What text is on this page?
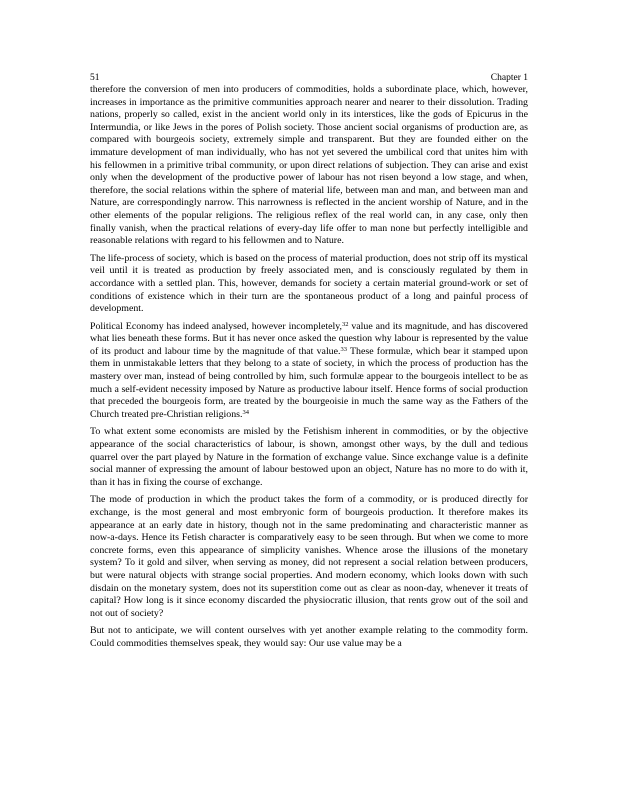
51	Chapter 1

therefore the conversion of men into producers of commodities, holds a subordinate place, which, however, increases in importance as the primitive communities approach nearer and nearer to their dissolution. Trading nations, properly so called, exist in the ancient world only in its interstices, like the gods of Epicurus in the Intermundia, or like Jews in the pores of Polish society. Those ancient social organisms of production are, as compared with bourgeois society, extremely simple and transparent. But they are founded either on the immature development of man individually, who has not yet severed the umbilical cord that unites him with his fellowmen in a primitive tribal community, or upon direct relations of subjection. They can arise and exist only when the development of the productive power of labour has not risen beyond a low stage, and when, therefore, the social relations within the sphere of material life, between man and man, and between man and Nature, are correspondingly narrow. This narrowness is reflected in the ancient worship of Nature, and in the other elements of the popular religions. The religious reflex of the real world can, in any case, only then finally vanish, when the practical relations of every-day life offer to man none but perfectly intelligible and reasonable relations with regard to his fellowmen and to Nature.

The life-process of society, which is based on the process of material production, does not strip off its mystical veil until it is treated as production by freely associated men, and is consciously regulated by them in accordance with a settled plan. This, however, demands for society a certain material ground-work or set of conditions of existence which in their turn are the spontaneous product of a long and painful process of development.

Political Economy has indeed analysed, however incompletely,$^{32}$ value and its magnitude, and has discovered what lies beneath these forms. But it has never once asked the question why labour is represented by the value of its product and labour time by the magnitude of that value.$^{33}$ These formulæ, which bear it stamped upon them in unmistakable letters that they belong to a state of society, in which the process of production has the mastery over man, instead of being controlled by him, such formulæ appear to the bourgeois intellect to be as much a self-evident necessity imposed by Nature as productive labour itself. Hence forms of social production that preceded the bourgeois form, are treated by the bourgeoisie in much the same way as the Fathers of the Church treated pre-Christian religions.$^{34}$

To what extent some economists are misled by the Fetishism inherent in commodities, or by the objective appearance of the social characteristics of labour, is shown, amongst other ways, by the dull and tedious quarrel over the part played by Nature in the formation of exchange value. Since exchange value is a definite social manner of expressing the amount of labour bestowed upon an object, Nature has no more to do with it, than it has in fixing the course of exchange.

The mode of production in which the product takes the form of a commodity, or is produced directly for exchange, is the most general and most embryonic form of bourgeois production. It therefore makes its appearance at an early date in history, though not in the same predominating and characteristic manner as now-a-days. Hence its Fetish character is comparatively easy to be seen through. But when we come to more concrete forms, even this appearance of simplicity vanishes. Whence arose the illusions of the monetary system? To it gold and silver, when serving as money, did not represent a social relation between producers, but were natural objects with strange social properties. And modern economy, which looks down with such disdain on the monetary system, does not its superstition come out as clear as noon-day, whenever it treats of capital? How long is it since economy discarded the physiocratic illusion, that rents grow out of the soil and not out of society?

But not to anticipate, we will content ourselves with yet another example relating to the commodity form. Could commodities themselves speak, they would say: Our use value may be a
